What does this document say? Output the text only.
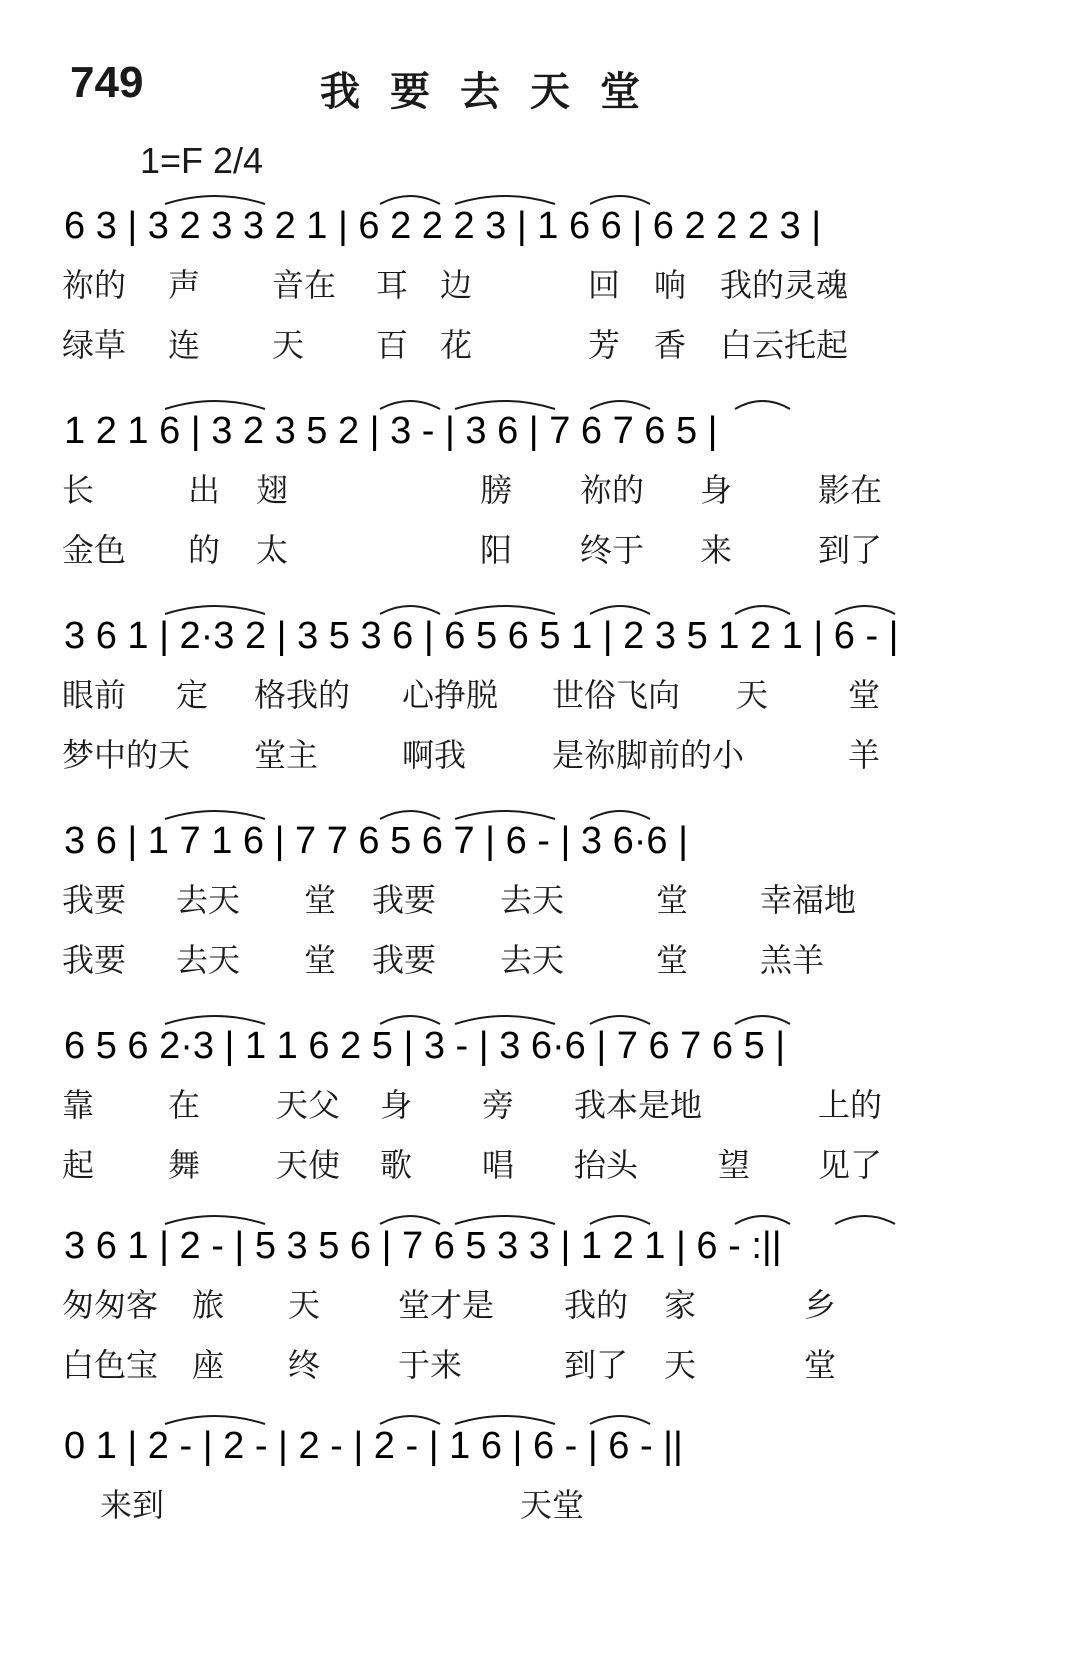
749	我要去天堂
1=F 2/4
6 3 | 3 2 3 3 2 1 | 6 2 2 2 3 | 1 6 6 | 6 2 2 2 3 |
祢的 声 音在 耳 边	回 响 我的灵魂
绿草 连 天 百 花	芳 香 白云托起
1 2 1 6 | 3 2 3 5 2 | 3 - | 3 6 | 7 6 7 6 5 |
长	出 翅	膀 祢的 身	影在
金色 的 太	阳 终于 来	到了
3 6 1 | 2·3 2 | 3 5 3 6 | 6 5 6 5 1 | 2 3 5 1 2 1 | 6 - |
眼前 定 格我的 心挣脱 世俗飞向 天 堂
梦中的天 堂主	啊我	是祢脚前的小	羊
3 6 | 1 7 1 6 | 7 7 6 5 6 7 | 6 - | 3 6·6 |
我要 去天 堂 我要 去天	堂 幸福地
我要 去天 堂 我要 去天	堂 羔羊
6 5 6 2·3 | 1 1 6 2 5 | 3 - | 3 6·6 | 7 6 7 6 5 |
靠 在 天父 身 旁 我本是地	上的
起 舞 天使 歌 唱 抬头 望 见了
3 6 1 | 2 - | 5 3 5 6 | 7 6 5 3 3 | 1 2 1 | 6 - :||
匆匆客 旅 天 堂才是 我的 家	乡
白色宝 座 终 于来	到了 天	堂
0 1 | 2 - | 2 - | 2 - | 2 - | 1 6 | 6 - | 6 - ||
来到	天堂
